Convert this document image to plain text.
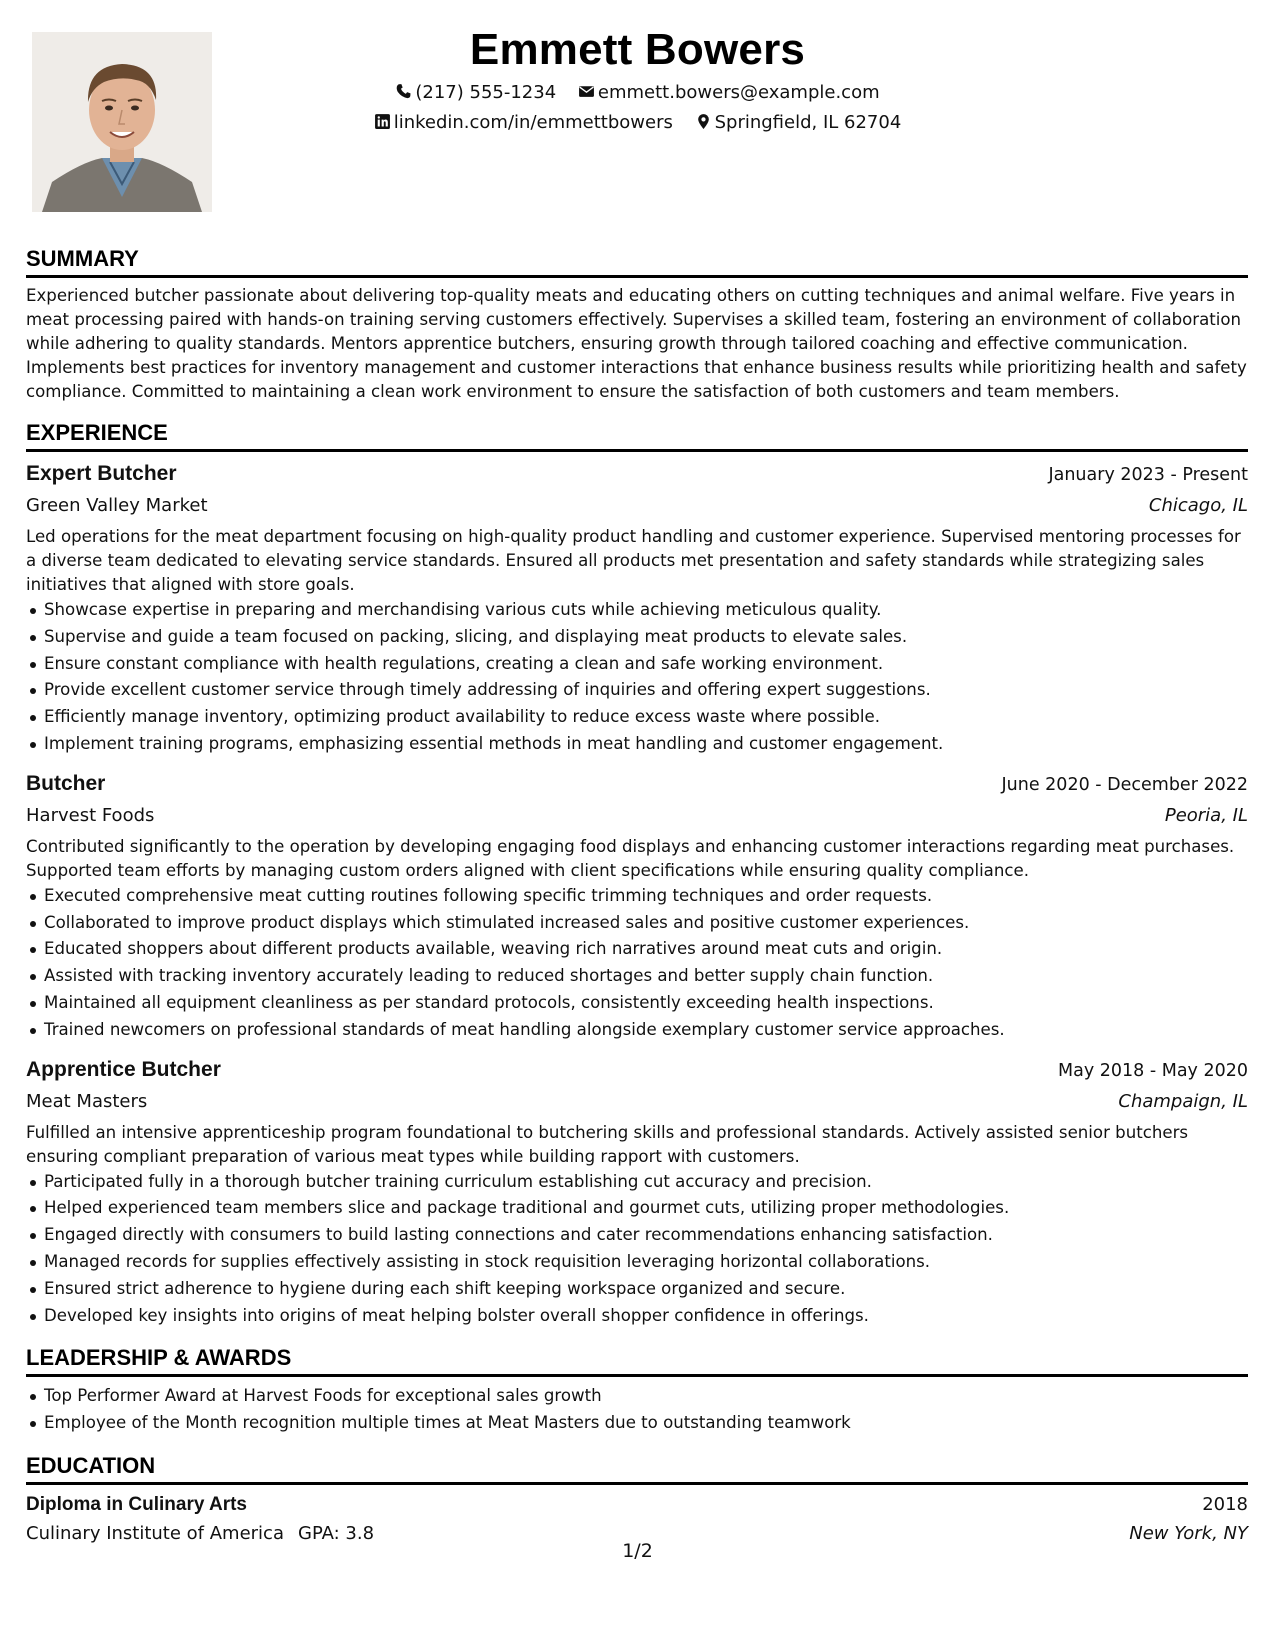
Emmett Bowers
(217) 555-1234 emmett.bowers@example.com
linkedin.com/in/emmettbowers Springfield, IL 62704
SUMMARY
Experienced butcher passionate about delivering top-quality meats and educating others on cutting techniques and animal welfare. Five years in meat processing paired with hands-on training serving customers effectively. Supervises a skilled team, fostering an environment of collaboration while adhering to quality standards. Mentors apprentice butchers, ensuring growth through tailored coaching and effective communication. Implements best practices for inventory management and customer interactions that enhance business results while prioritizing health and safety compliance. Committed to maintaining a clean work environment to ensure the satisfaction of both customers and team members.
EXPERIENCE
Expert Butcher	January 2023 - Present
Green Valley Market	Chicago, IL
Led operations for the meat department focusing on high-quality product handling and customer experience. Supervised mentoring processes for a diverse team dedicated to elevating service standards. Ensured all products met presentation and safety standards while strategizing sales initiatives that aligned with store goals.
Showcase expertise in preparing and merchandising various cuts while achieving meticulous quality.
Supervise and guide a team focused on packing, slicing, and displaying meat products to elevate sales.
Ensure constant compliance with health regulations, creating a clean and safe working environment.
Provide excellent customer service through timely addressing of inquiries and offering expert suggestions.
Efficiently manage inventory, optimizing product availability to reduce excess waste where possible.
Implement training programs, emphasizing essential methods in meat handling and customer engagement.
Butcher	June 2020 - December 2022
Harvest Foods	Peoria, IL
Contributed significantly to the operation by developing engaging food displays and enhancing customer interactions regarding meat purchases. Supported team efforts by managing custom orders aligned with client specifications while ensuring quality compliance.
Executed comprehensive meat cutting routines following specific trimming techniques and order requests.
Collaborated to improve product displays which stimulated increased sales and positive customer experiences.
Educated shoppers about different products available, weaving rich narratives around meat cuts and origin.
Assisted with tracking inventory accurately leading to reduced shortages and better supply chain function.
Maintained all equipment cleanliness as per standard protocols, consistently exceeding health inspections.
Trained newcomers on professional standards of meat handling alongside exemplary customer service approaches.
Apprentice Butcher	May 2018 - May 2020
Meat Masters	Champaign, IL
Fulfilled an intensive apprenticeship program foundational to butchering skills and professional standards. Actively assisted senior butchers ensuring compliant preparation of various meat types while building rapport with customers.
Participated fully in a thorough butcher training curriculum establishing cut accuracy and precision.
Helped experienced team members slice and package traditional and gourmet cuts, utilizing proper methodologies.
Engaged directly with consumers to build lasting connections and cater recommendations enhancing satisfaction.
Managed records for supplies effectively assisting in stock requisition leveraging horizontal collaborations.
Ensured strict adherence to hygiene during each shift keeping workspace organized and secure.
Developed key insights into origins of meat helping bolster overall shopper confidence in offerings.
LEADERSHIP & AWARDS
Top Performer Award at Harvest Foods for exceptional sales growth
Employee of the Month recognition multiple times at Meat Masters due to outstanding teamwork
EDUCATION
Diploma in Culinary Arts	2018
Culinary Institute of America GPA: 3.8	New York, NY
1/2
